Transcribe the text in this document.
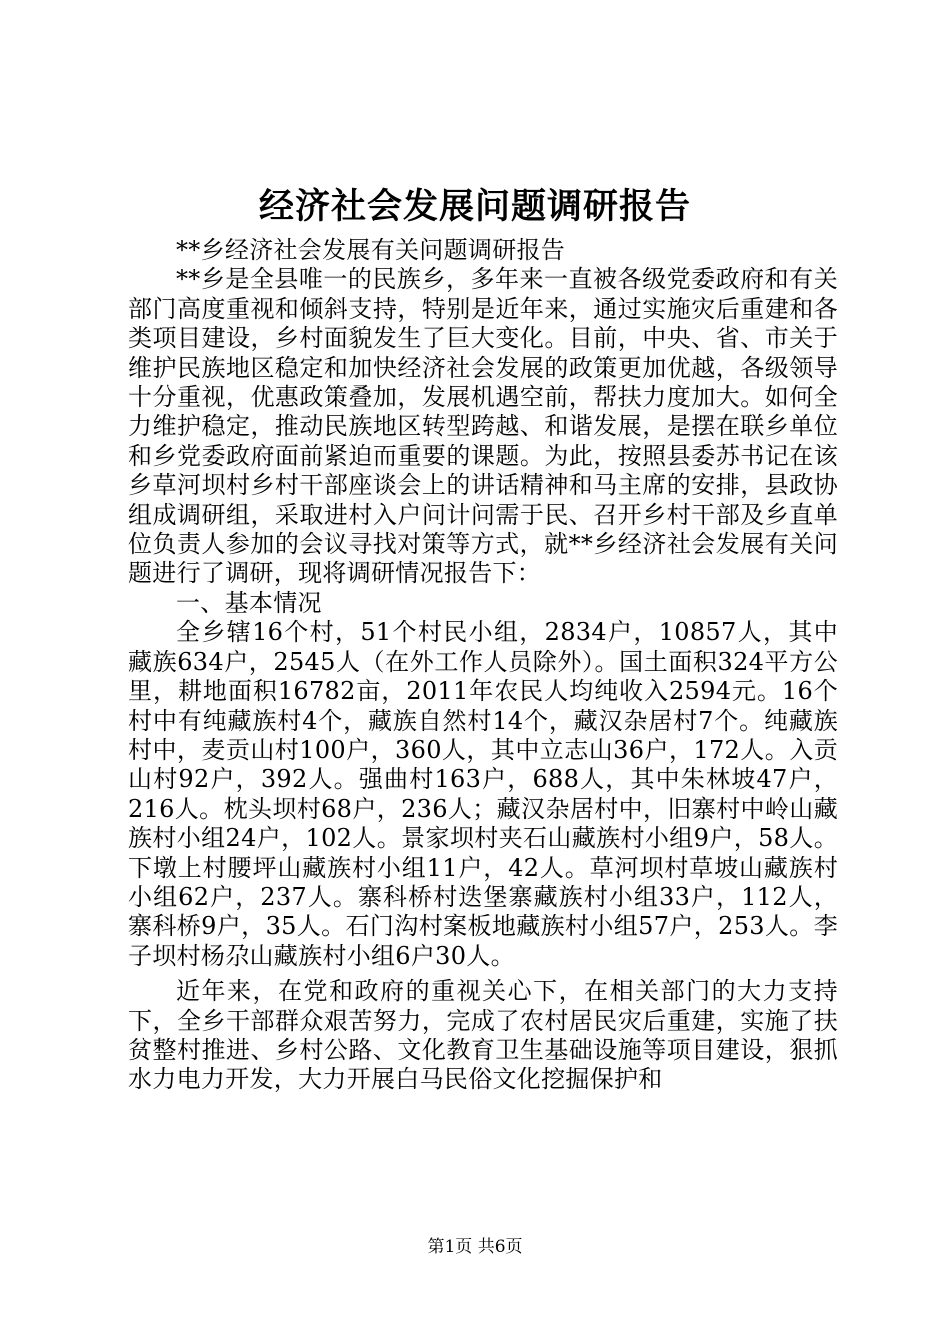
经济社会发展问题调研报告

**乡经济社会发展有关问题调研报告

**乡是全县唯一的民族乡，多年来一直被各级党委政府和有关部门高度重视和倾斜支持，特别是近年来，通过实施灾后重建和各类项目建设，乡村面貌发生了巨大变化。目前，中央、省、市关于维护民族地区稳定和加快经济社会发展的政策更加优越，各级领导十分重视，优惠政策叠加，发展机遇空前，帮扶力度加大。如何全力维护稳定，推动民族地区转型跨越、和谐发展，是摆在联乡单位和乡党委政府面前紧迫而重要的课题。为此，按照县委苏书记在该乡草河坝村乡村干部座谈会上的讲话精神和马主席的安排，县政协组成调研组，采取进村入户问计问需于民、召开乡村干部及乡直单位负责人参加的会议寻找对策等方式，就**乡经济社会发展有关问题进行了调研，现将调研情况报告下：

一、基本情况

全乡辖16个村，51个村民小组，2834户，10857人，其中藏族634户，2545人（在外工作人员除外）。国土面积324平方公里，耕地面积16782亩，2011年农民人均纯收入2594元。16个村中有纯藏族村4个，藏族自然村14个，藏汉杂居村7个。纯藏族村中，麦贡山村100户，360人，其中立志山36户，172人。入贡山村92户，392人。强曲村163户，688人，其中朱林坡47户，216人。枕头坝村68户，236人；藏汉杂居村中，旧寨村中岭山藏族村小组24户，102人。景家坝村夹石山藏族村小组9户，58人。下墩上村腰坪山藏族村小组11户，42人。草河坝村草坡山藏族村小组62户，237人。寨科桥村迭堡寨藏族村小组33户，112人，寨科桥9户，35人。石门沟村案板地藏族村小组57户，253人。李子坝村杨尕山藏族村小组6户30人。

近年来，在党和政府的重视关心下，在相关部门的大力支持下，全乡干部群众艰苦努力，完成了农村居民灾后重建，实施了扶贫整村推进、乡村公路、文化教育卫生基础设施等项目建设，狠抓水力电力开发，大力开展白马民俗文化挖掘保护和

第1页 共6页
